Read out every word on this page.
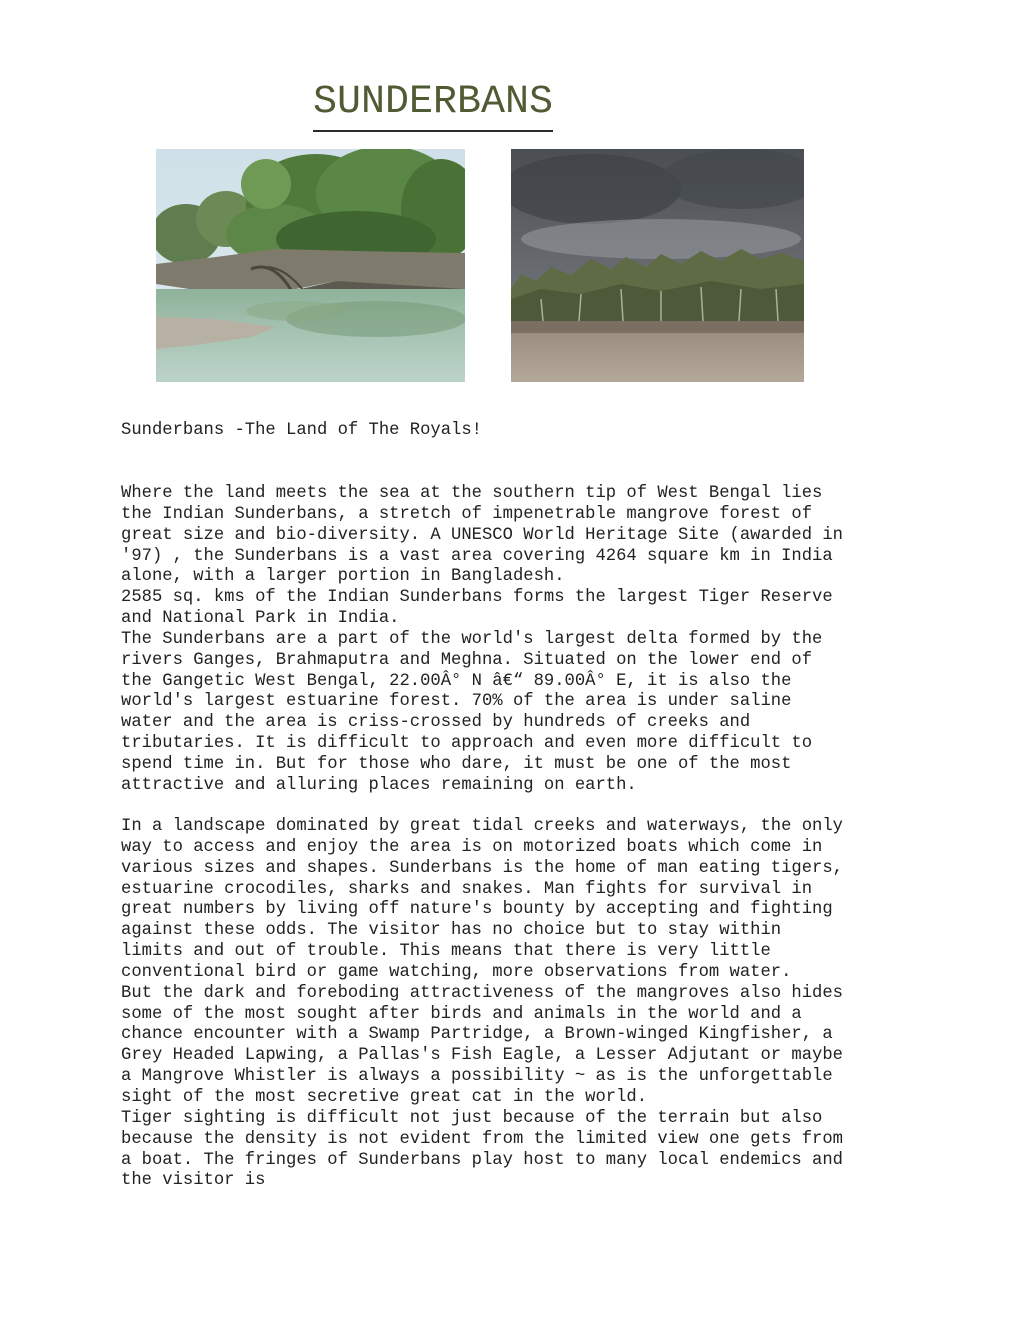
SUNDERBANS
Sunderbans -The Land of The Royals!
Where the land meets the sea at the southern tip of West Bengal lies
the Indian Sunderbans, a stretch of impenetrable mangrove forest of
great size and bio-diversity. A UNESCO World Heritage Site (awarded in
'97) , the Sunderbans is a vast area covering 4264 square km in India
alone, with a larger portion in Bangladesh.
2585 sq. kms of the Indian Sunderbans forms the largest Tiger Reserve
and National Park in India.
The Sunderbans are a part of the world's largest delta formed by the
rivers Ganges, Brahmaputra and Meghna. Situated on the lower end of
the Gangetic West Bengal, 22.00Â° N â€“ 89.00Â° E, it is also the
world's largest estuarine forest. 70% of the area is under saline
water and the area is criss-crossed by hundreds of creeks and
tributaries. It is difficult to approach and even more difficult to
spend time in. But for those who dare, it must be one of the most
attractive and alluring places remaining on earth.
In a landscape dominated by great tidal creeks and waterways, the only
way to access and enjoy the area is on motorized boats which come in
various sizes and shapes. Sunderbans is the home of man eating tigers,
estuarine crocodiles, sharks and snakes. Man fights for survival in
great numbers by living off nature's bounty by accepting and fighting
against these odds. The visitor has no choice but to stay within
limits and out of trouble. This means that there is very little
conventional bird or game watching, more observations from water.
But the dark and foreboding attractiveness of the mangroves also hides
some of the most sought after birds and animals in the world and a
chance encounter with a Swamp Partridge, a Brown-winged Kingfisher, a
Grey Headed Lapwing, a Pallas's Fish Eagle, a Lesser Adjutant or maybe
a Mangrove Whistler is always a possibility ~ as is the unforgettable
sight of the most secretive great cat in the world.
Tiger sighting is difficult not just because of the terrain but also
because the density is not evident from the limited view one gets from
a boat. The fringes of Sunderbans play host to many local endemics and
the visitor is
